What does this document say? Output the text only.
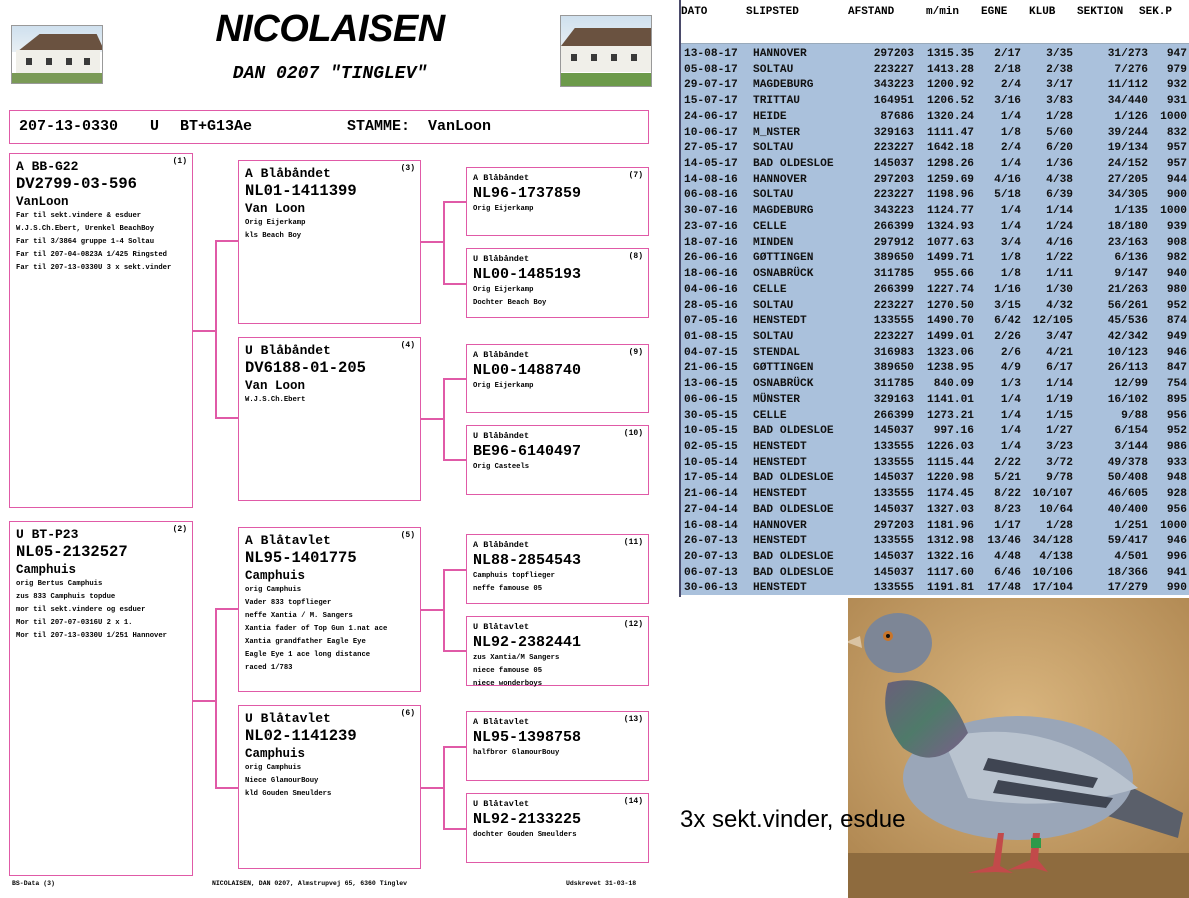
NICOLAISEN
DAN 0207 "TINGLEV"
207-13-0330 U BT+G13Ae	STAMME: VanLoon
(1)
A BB-G22
DV2799-03-596
VanLoon
Far til sekt.vindere & esduer
W.J.S.Ch.Ebert, Urenkel BeachBoy
Far til 3/3864 gruppe 1-4 Soltau
Far til 207-04-0823A 1/425 Ringsted
Far til 207-13-0330U 3 x sekt.vinder
(2)
U BT-P23
NL05-2132527
Camphuis
orig Bertus Camphuis
zus 833 Camphuis topdue
mor til sekt.vindere og esduer
Mor til 207-07-0316U 2 x 1.
Mor til 207-13-0330U 1/251 Hannover
(3)
A Blåbåndet
NL01-1411399
Van Loon
Orig Eijerkamp
kls Beach Boy
(4)
U Blåbåndet
DV6188-01-205
Van Loon
W.J.S.Ch.Ebert
(5)
A Blåtavlet
NL95-1401775
Camphuis
orig Camphuis
Vader 833 topflieger
neffe Xantia / M. Sangers
Xantia fader of Top Gun 1.nat ace
Xantia grandfather Eagle Eye
Eagle Eye 1 ace long distance
raced 1/783
(6)
U Blåtavlet
NL02-1141239
Camphuis
orig Camphuis
Niece GlamourBouy
kld Gouden Smeulders
(7)
A Blåbåndet
NL96-1737859
Orig Eijerkamp
(8)
U Blåbåndet
NL00-1485193
Orig Eijerkamp
Dochter Beach Boy
(9)
A Blåbåndet
NL00-1488740
Orig Eijerkamp
(10)
U Blåbåndet
BE96-6140497
Orig Casteels
(11)
A Blåbåndet
NL88-2854543
Camphuis topflieger
neffe famouse 05
(12)
U Blåtavlet
NL92-2382441
zus Xantia/M Sangers
niece famouse 05
niece wonderboys
(13)
A Blåtavlet
NL95-1398758
halfbror GlamourBouy
(14)
U Blåtavlet
NL92-2133225
dochter Gouden Smeulders
BS-Data (3)	NICOLAISEN, DAN 0207, Almstrupvej 65, 6360 Tinglev	Udskrevet 31-03-18
DATO	SLIPSTED	AFSTAND	m/min EGNE KLUB SEKTION SEK.P
13-08-17	HANNOVER	297203	1315.35	2/17	3/35	31/273	947
05-08-17	SOLTAU	223227	1413.28	2/18	2/38	7/276	979
29-07-17	MAGDEBURG	343223	1200.92	2/4	3/17	11/112	932
15-07-17	TRITTAU	164951	1206.52	3/16	3/83	34/440	931
24-06-17	HEIDE	87686	1320.24	1/4	1/28	1/126	1000
10-06-17	M_NSTER	329163	1111.47	1/8	5/60	39/244	832
27-05-17	SOLTAU	223227	1642.18	2/4	6/20	19/134	957
14-05-17	BAD OLDESLOE	145037	1298.26	1/4	1/36	24/152	957
14-08-16	HANNOVER	297203	1259.69	4/16	4/38	27/205	944
06-08-16	SOLTAU	223227	1198.96	5/18	6/39	34/305	900
30-07-16	MAGDEBURG	343223	1124.77	1/4	1/14	1/135	1000
23-07-16	CELLE	266399	1324.93	1/4	1/24	18/180	939
18-07-16	MINDEN	297912	1077.63	3/4	4/16	23/163	908
26-06-16	GØTTINGEN	389650	1499.71	1/8	1/22	6/136	982
18-06-16	OSNABRÜCK	311785	955.66	1/8	1/11	9/147	940
04-06-16	CELLE	266399	1227.74	1/16	1/30	21/263	980
28-05-16	SOLTAU	223227	1270.50	3/15	4/32	56/261	952
07-05-16	HENSTEDT	133555	1490.70	6/42	12/105	45/536	874
01-08-15	SOLTAU	223227	1499.01	2/26	3/47	42/342	949
04-07-15	STENDAL	316983	1323.06	2/6	4/21	10/123	946
21-06-15	GØTTINGEN	389650	1238.95	4/9	6/17	26/113	847
13-06-15	OSNABRÜCK	311785	840.09	1/3	1/14	12/99	754
06-06-15	MÜNSTER	329163	1141.01	1/4	1/19	16/102	895
30-05-15	CELLE	266399	1273.21	1/4	1/15	9/88	956
10-05-15	BAD OLDESLOE	145037	997.16	1/4	1/27	6/154	952
02-05-15	HENSTEDT	133555	1226.03	1/4	3/23	3/144	986
10-05-14	HENSTEDT	133555	1115.44	2/22	3/72	49/378	933
17-05-14	BAD OLDESLOE	145037	1220.98	5/21	9/78	50/408	948
21-06-14	HENSTEDT	133555	1174.45	8/22	10/107	46/605	928
27-04-14	BAD OLDESLOE	145037	1327.03	8/23	10/64	40/400	956
16-08-14	HANNOVER	297203	1181.96	1/17	1/28	1/251	1000
26-07-13	HENSTEDT	133555	1312.98	13/46	34/128	59/417	946
20-07-13	BAD OLDESLOE	145037	1322.16	4/48	4/138	4/501	996
06-07-13	BAD OLDESLOE	145037	1117.60	6/46	10/106	18/366	941
30-06-13	HENSTEDT	133555	1191.81	17/48	17/104	17/279	990
3x sekt.vinder, esdue
